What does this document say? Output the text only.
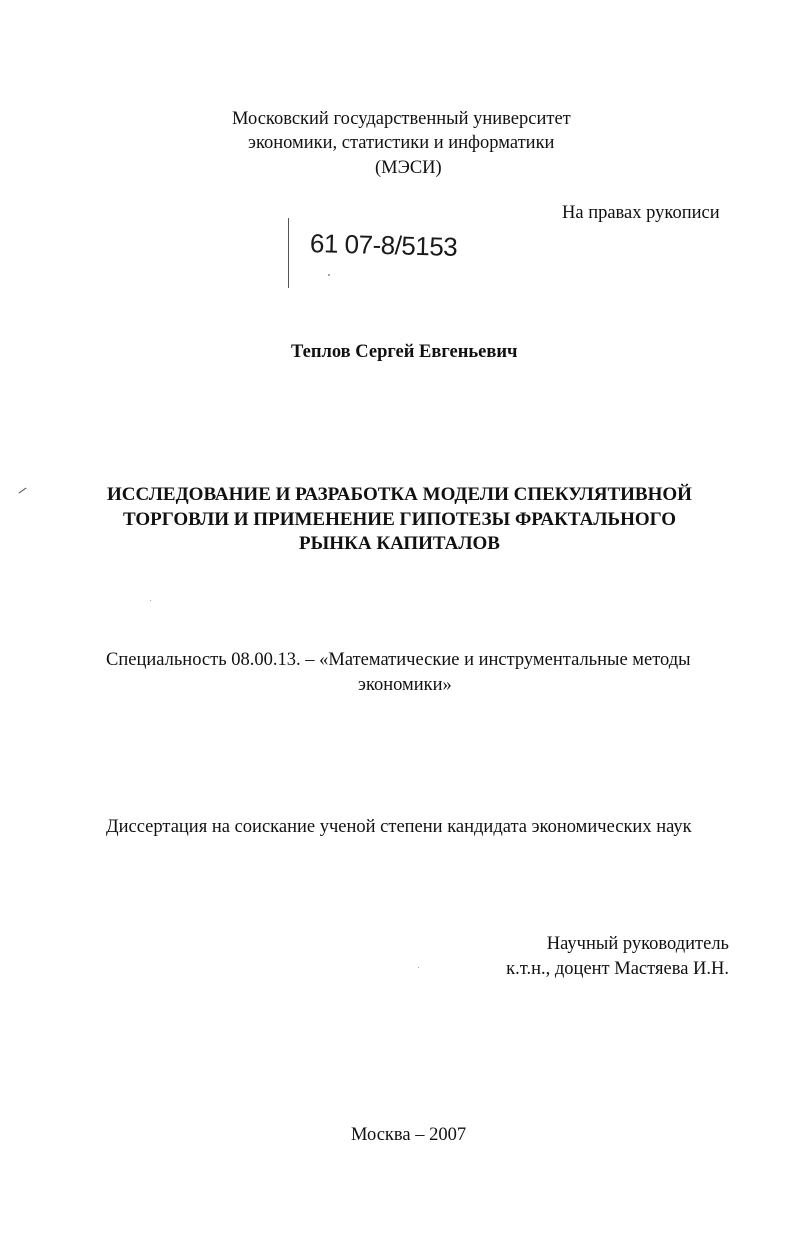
Московский государственный университет
экономики, статистики и информатики
(МЭСИ)
На правах рукописи
61 07-8/5153
Теплов Сергей Евгеньевич
ИССЛЕДОВАНИЕ И РАЗРАБОТКА МОДЕЛИ СПЕКУЛЯТИВНОЙ
ТОРГОВЛИ И ПРИМЕНЕНИЕ ГИПОТЕЗЫ ФРАКТАЛЬНОГО
РЫНКА КАПИТАЛОВ
Специальность 08.00.13. – «Математические и инструментальные методы
экономики»
Диссертация на соискание ученой степени кандидата экономических наук
Научный руководитель
к.т.н., доцент Мастяева И.Н.
Москва – 2007
